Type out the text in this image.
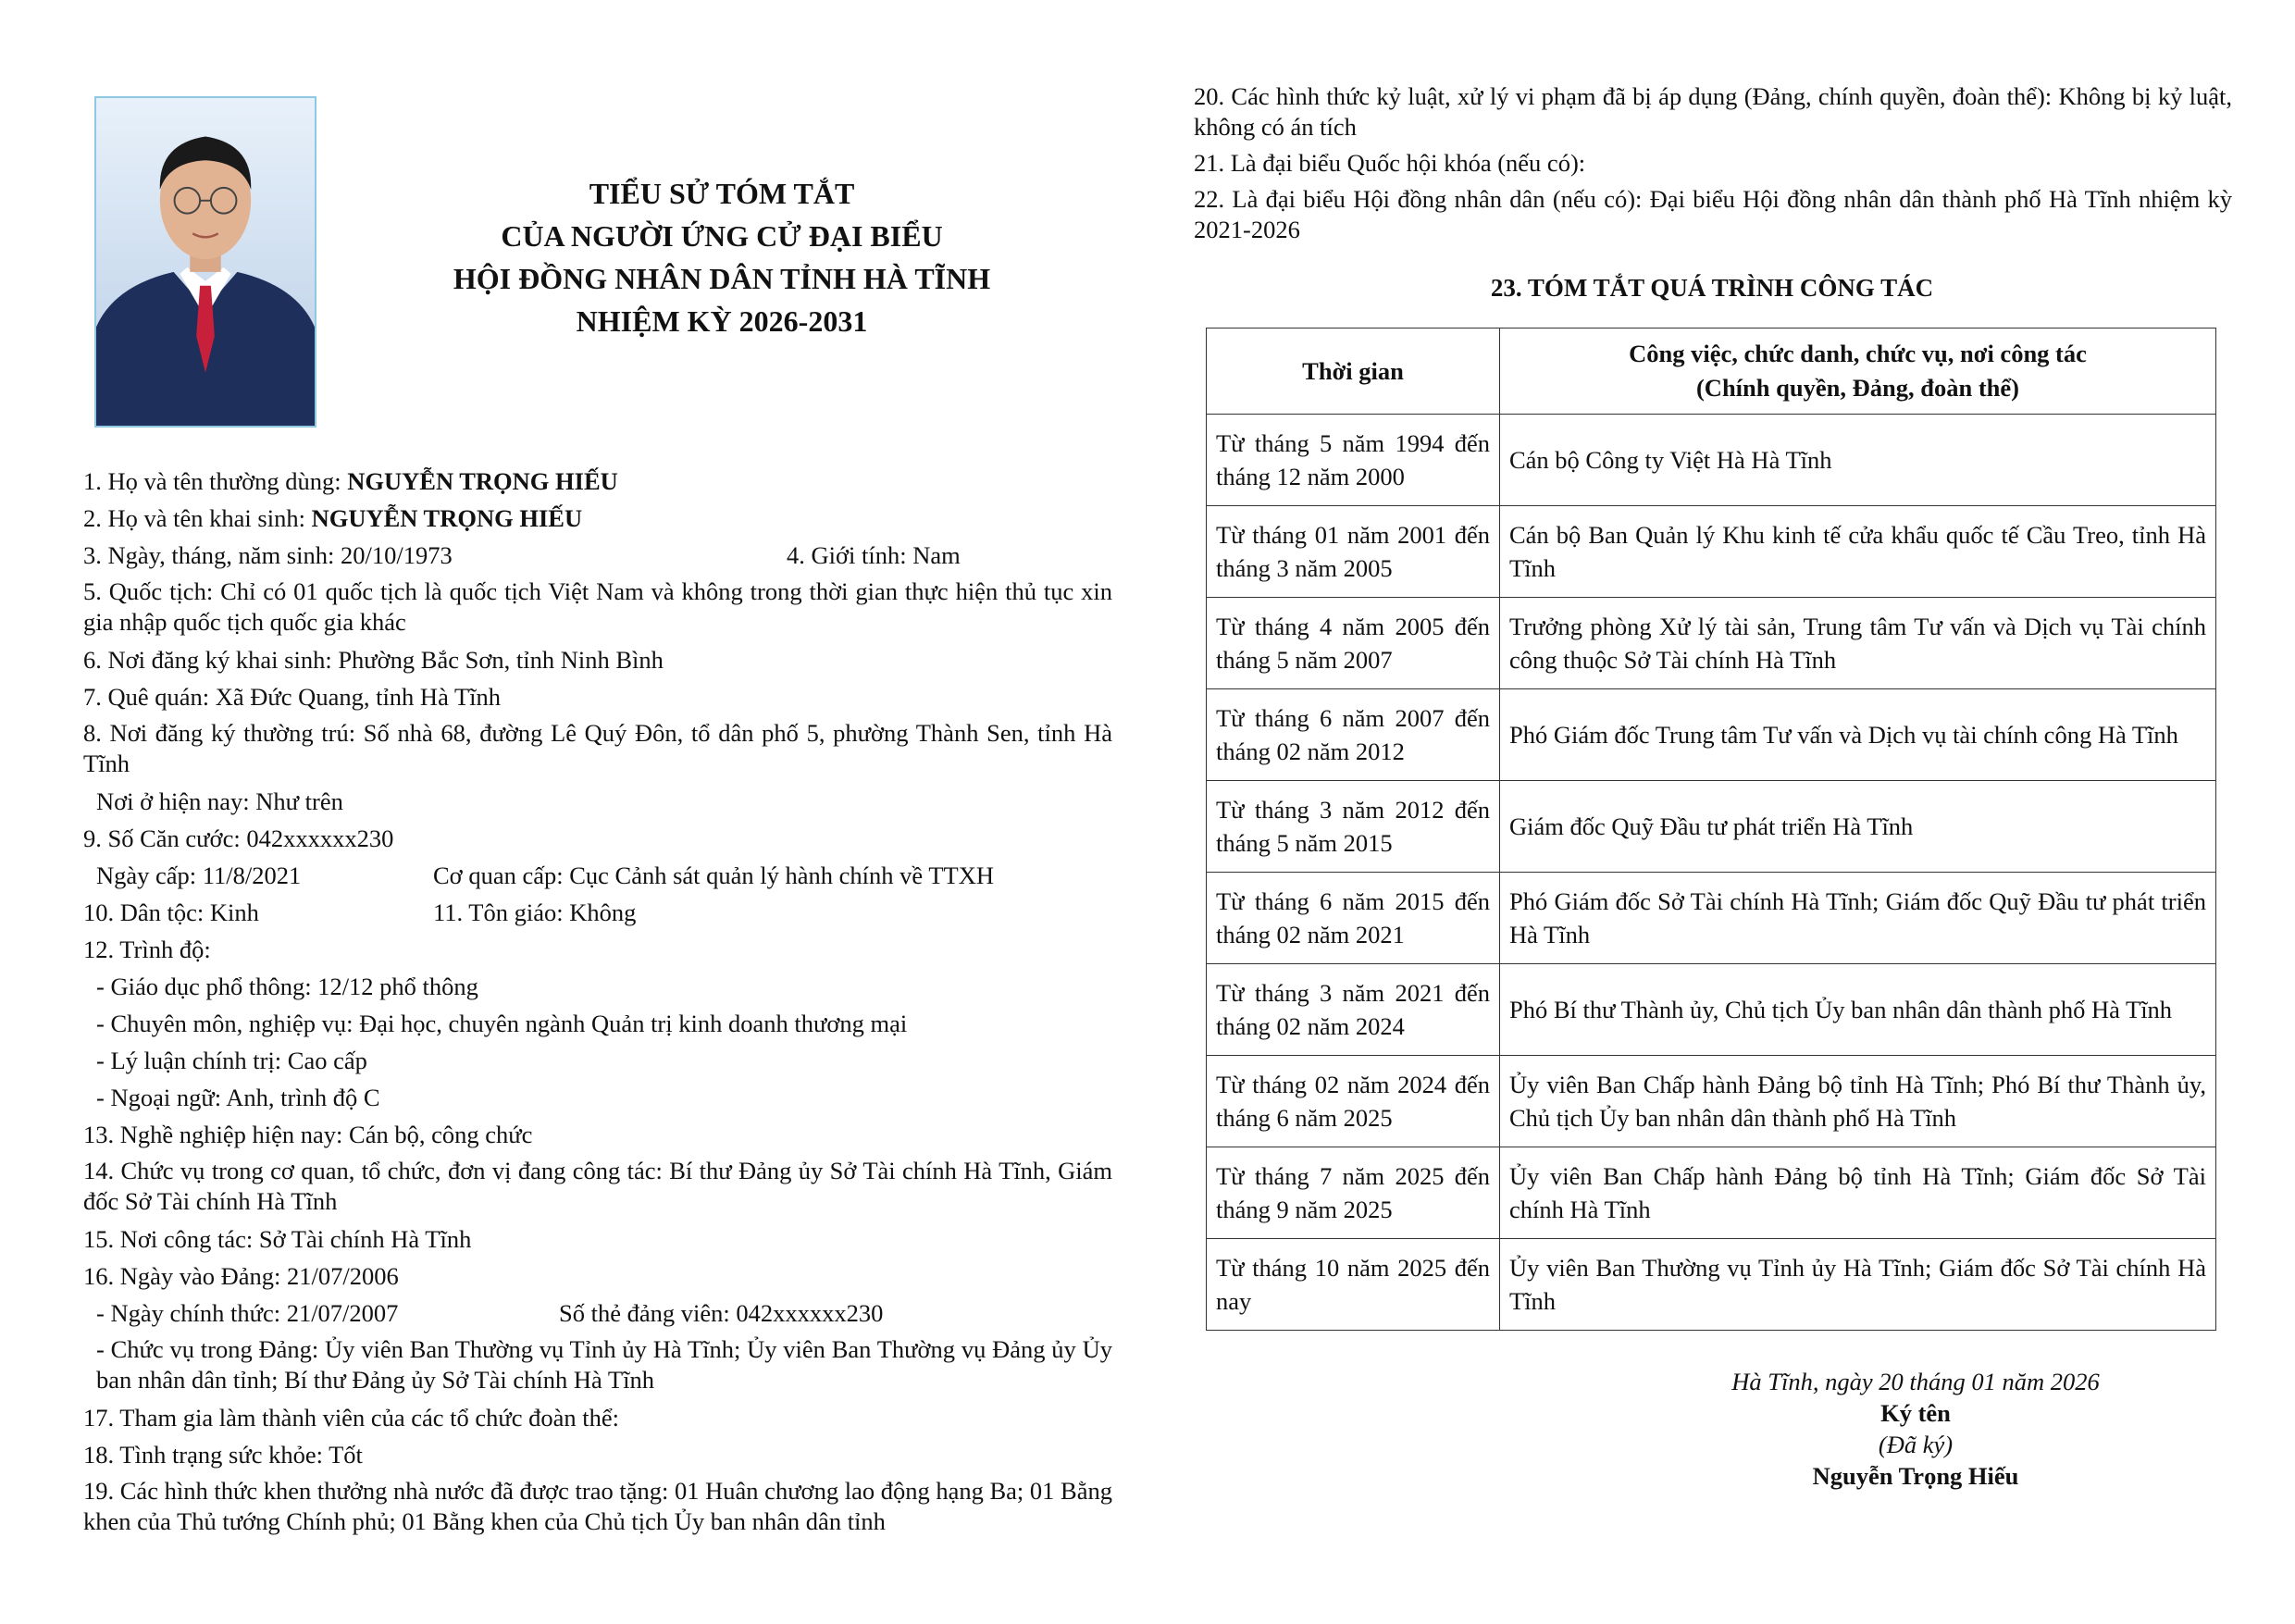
TIỂU SỬ TÓM TẮT
CỦA NGƯỜI ỨNG CỬ ĐẠI BIỂU
HỘI ĐỒNG NHÂN DÂN TỈNH HÀ TĨNH
NHIỆM KỲ 2026-2031
1. Họ và tên thường dùng: NGUYỄN TRỌNG HIẾU
2. Họ và tên khai sinh: NGUYỄN TRỌNG HIẾU
3. Ngày, tháng, năm sinh: 20/10/1973	4. Giới tính: Nam
5. Quốc tịch: Chỉ có 01 quốc tịch là quốc tịch Việt Nam và không trong thời gian thực hiện thủ tục xin gia nhập quốc tịch quốc gia khác
6. Nơi đăng ký khai sinh: Phường Bắc Sơn, tỉnh Ninh Bình
7. Quê quán: Xã Đức Quang, tỉnh Hà Tĩnh
8. Nơi đăng ký thường trú: Số nhà 68, đường Lê Quý Đôn, tổ dân phố 5, phường Thành Sen, tỉnh Hà Tĩnh
Nơi ở hiện nay: Như trên
9. Số Căn cước: 042xxxxxx230
Ngày cấp: 11/8/2021	Cơ quan cấp: Cục Cảnh sát quản lý hành chính về TTXH
10. Dân tộc: Kinh	11. Tôn giáo: Không
12. Trình độ:
- Giáo dục phổ thông: 12/12 phổ thông
- Chuyên môn, nghiệp vụ: Đại học, chuyên ngành Quản trị kinh doanh thương mại
- Lý luận chính trị: Cao cấp
- Ngoại ngữ: Anh, trình độ C
13. Nghề nghiệp hiện nay: Cán bộ, công chức
14. Chức vụ trong cơ quan, tổ chức, đơn vị đang công tác: Bí thư Đảng ủy Sở Tài chính Hà Tĩnh, Giám đốc Sở Tài chính Hà Tĩnh
15. Nơi công tác: Sở Tài chính Hà Tĩnh
16. Ngày vào Đảng: 21/07/2006
- Ngày chính thức: 21/07/2007	Số thẻ đảng viên: 042xxxxxx230
- Chức vụ trong Đảng: Ủy viên Ban Thường vụ Tỉnh ủy Hà Tĩnh; Ủy viên Ban Thường vụ Đảng ủy Ủy ban nhân dân tỉnh; Bí thư Đảng ủy Sở Tài chính Hà Tĩnh
17. Tham gia làm thành viên của các tổ chức đoàn thể:
18. Tình trạng sức khỏe: Tốt
19. Các hình thức khen thưởng nhà nước đã được trao tặng: 01 Huân chương lao động hạng Ba; 01 Bằng khen của Thủ tướng Chính phủ; 01 Bằng khen của Chủ tịch Ủy ban nhân dân tỉnh
20. Các hình thức kỷ luật, xử lý vi phạm đã bị áp dụng (Đảng, chính quyền, đoàn thể): Không bị kỷ luật, không có án tích
21. Là đại biểu Quốc hội khóa (nếu có):
22. Là đại biểu Hội đồng nhân dân (nếu có): Đại biểu Hội đồng nhân dân thành phố Hà Tĩnh nhiệm kỳ 2021-2026
23. TÓM TẮT QUÁ TRÌNH CÔNG TÁC
Thời gian	Công việc, chức danh, chức vụ, nơi công tác
(Chính quyền, Đảng, đoàn thể)

Từ tháng 5 năm 1994 đến tháng 12 năm 2000	Cán bộ Công ty Việt Hà Hà Tĩnh
Từ tháng 01 năm 2001 đến tháng 3 năm 2005	Cán bộ Ban Quản lý Khu kinh tế cửa khẩu quốc tế Cầu Treo, tỉnh Hà Tĩnh
Từ tháng 4 năm 2005 đến tháng 5 năm 2007	Trưởng phòng Xử lý tài sản, Trung tâm Tư vấn và Dịch vụ Tài chính công thuộc Sở Tài chính Hà Tĩnh
Từ tháng 6 năm 2007 đến tháng 02 năm 2012	Phó Giám đốc Trung tâm Tư vấn và Dịch vụ tài chính công Hà Tĩnh
Từ tháng 3 năm 2012 đến tháng 5 năm 2015	Giám đốc Quỹ Đầu tư phát triển Hà Tĩnh
Từ tháng 6 năm 2015 đến tháng 02 năm 2021	Phó Giám đốc Sở Tài chính Hà Tĩnh; Giám đốc Quỹ Đầu tư phát triển Hà Tĩnh
Từ tháng 3 năm 2021 đến tháng 02 năm 2024	Phó Bí thư Thành ủy, Chủ tịch Ủy ban nhân dân thành phố Hà Tĩnh
Từ tháng 02 năm 2024 đến tháng 6 năm 2025	Ủy viên Ban Chấp hành Đảng bộ tỉnh Hà Tĩnh; Phó Bí thư Thành ủy, Chủ tịch Ủy ban nhân dân thành phố Hà Tĩnh
Từ tháng 7 năm 2025 đến tháng 9 năm 2025	Ủy viên Ban Chấp hành Đảng bộ tỉnh Hà Tĩnh; Giám đốc Sở Tài chính Hà Tĩnh
Từ tháng 10 năm 2025 đến nay	Ủy viên Ban Thường vụ Tỉnh ủy Hà Tĩnh; Giám đốc Sở Tài chính Hà Tĩnh
Hà Tĩnh, ngày 20 tháng 01 năm 2026
Ký tên
(Đã ký)
Nguyễn Trọng Hiếu
